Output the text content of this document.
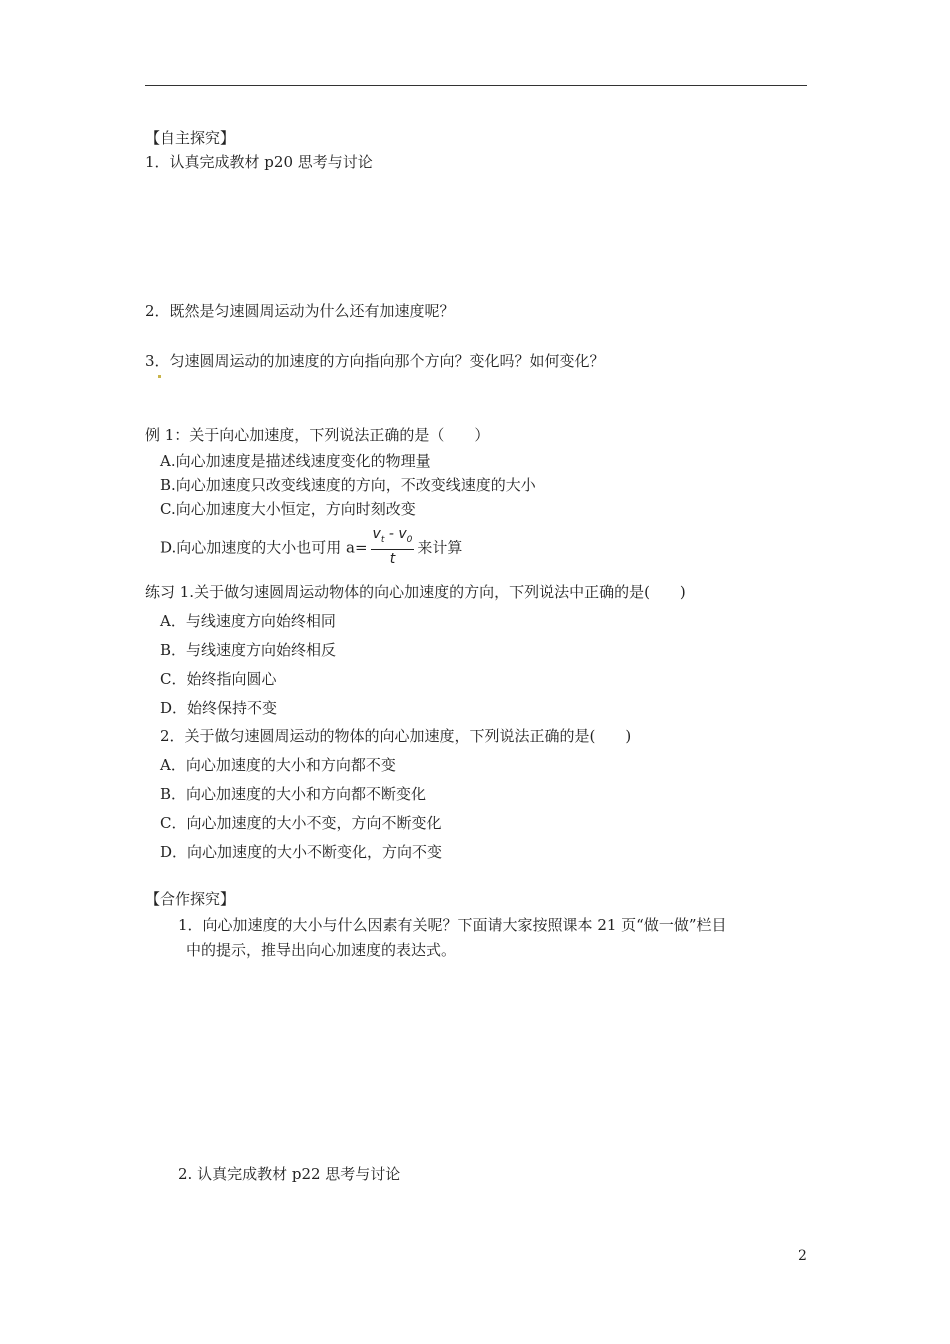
【自主探究】
1．认真完成教材 p20 思考与讨论
2．既然是匀速圆周运动为什么还有加速度呢？
3．匀速圆周运动的加速度的方向指向那个方向？变化吗？如何变化？
例 1：关于向心加速度，下列说法正确的是（　　）
A.向心加速度是描述线速度变化的物理量
B.向心加速度只改变线速度的方向，不改变线速度的大小
C.向心加速度大小恒定，方向时刻改变
D.向心加速度的大小也可用 $a= \frac{v_t - v_0}{t}$ 来计算
练习 1.关于做匀速圆周运动物体的向心加速度的方向，下列说法中正确的是(　　)
A．与线速度方向始终相同
B．与线速度方向始终相反
C．始终指向圆心
D．始终保持不变
2．关于做匀速圆周运动的物体的向心加速度，下列说法正确的是(　　)
A．向心加速度的大小和方向都不变
B．向心加速度的大小和方向都不断变化
C．向心加速度的大小不变，方向不断变化
D．向心加速度的大小不断变化，方向不变
【合作探究】
1．向心加速度的大小与什么因素有关呢？下面请大家按照课本 21 页“做一做”栏目
中的提示，推导出向心加速度的表达式。
2. 认真完成教材 p22 思考与讨论
2
